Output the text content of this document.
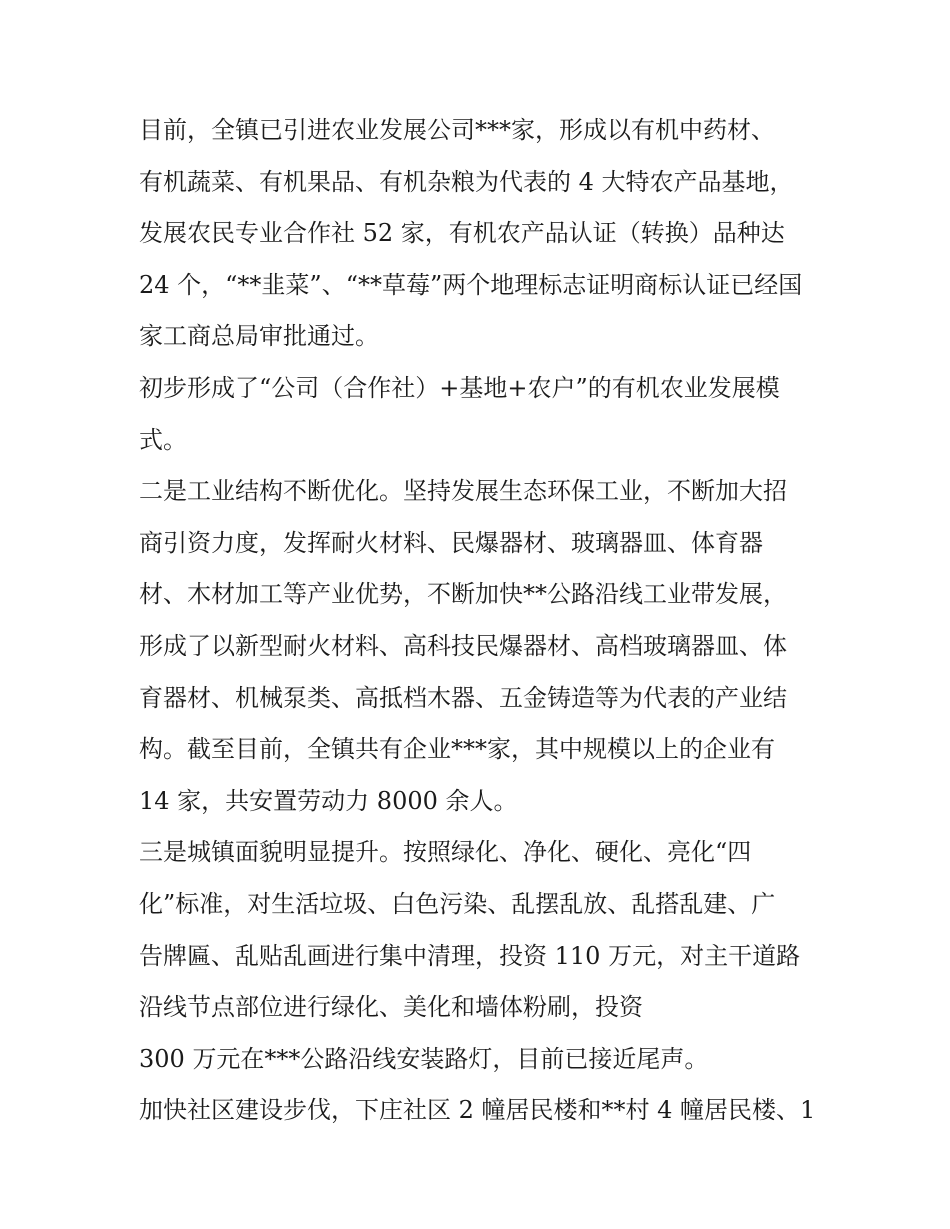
目前，全镇已引进农业发展公司***家，形成以有机中药材、
有机蔬菜、有机果品、有机杂粮为代表的 4 大特农产品基地，
发展农民专业合作社 52 家，有机农产品认证（转换）品种达
24 个，“**韭菜”、“**草莓”两个地理标志证明商标认证已经国
家工商总局审批通过。
初步形成了“公司（合作社）+基地+农户”的有机农业发展模
式。
二是工业结构不断优化。坚持发展生态环保工业，不断加大招
商引资力度，发挥耐火材料、民爆器材、玻璃器皿、体育器
材、木材加工等产业优势，不断加快**公路沿线工业带发展，
形成了以新型耐火材料、高科技民爆器材、高档玻璃器皿、体
育器材、机械泵类、高抵档木器、五金铸造等为代表的产业结
构。截至目前，全镇共有企业***家，其中规模以上的企业有
14 家，共安置劳动力 8000 余人。
三是城镇面貌明显提升。按照绿化、净化、硬化、亮化“四
化”标准，对生活垃圾、白色污染、乱摆乱放、乱搭乱建、广
告牌匾、乱贴乱画进行集中清理，投资 110 万元，对主干道路
沿线节点部位进行绿化、美化和墙体粉刷，投资
300 万元在***公路沿线安装路灯，目前已接近尾声。
加快社区建设步伐，下庄社区 2 幢居民楼和**村 4 幢居民楼、1
